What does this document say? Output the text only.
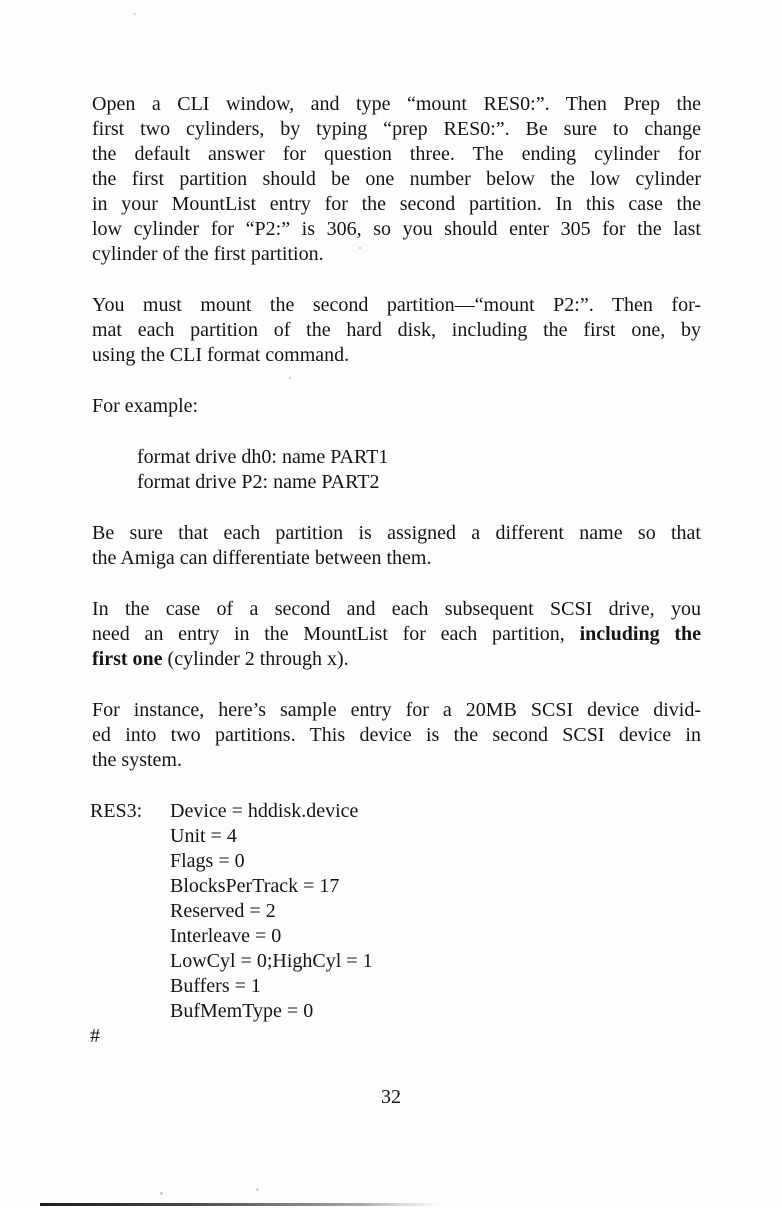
Open a CLI window, and type “mount RES0:”. Then Prep the
first two cylinders, by typing “prep RES0:”. Be sure to change
the default answer for question three. The ending cylinder for
the first partition should be one number below the low cylinder
in your MountList entry for the second partition. In this case the
low cylinder for “P2:” is 306, so you should enter 305 for the last
cylinder of the first partition.
You must mount the second partition—“mount P2:”. Then for-
mat each partition of the hard disk, including the first one, by
using the CLI format command.
For example:
format drive dh0: name PART1
format drive P2: name PART2
Be sure that each partition is assigned a different name so that
the Amiga can differentiate between them.
In the case of a second and each subsequent SCSI drive, you
need an entry in the MountList for each partition, including the
first one (cylinder 2 through x).
For instance, here’s sample entry for a 20MB SCSI device divid-
ed into two partitions. This device is the second SCSI device in
the system.
RES3: Device = hddisk.device
Unit = 4
Flags = 0
BlocksPerTrack = 17
Reserved = 2
Interleave = 0
LowCyl = 0;HighCyl = 1
Buffers = 1
BufMemType = 0
#
32
